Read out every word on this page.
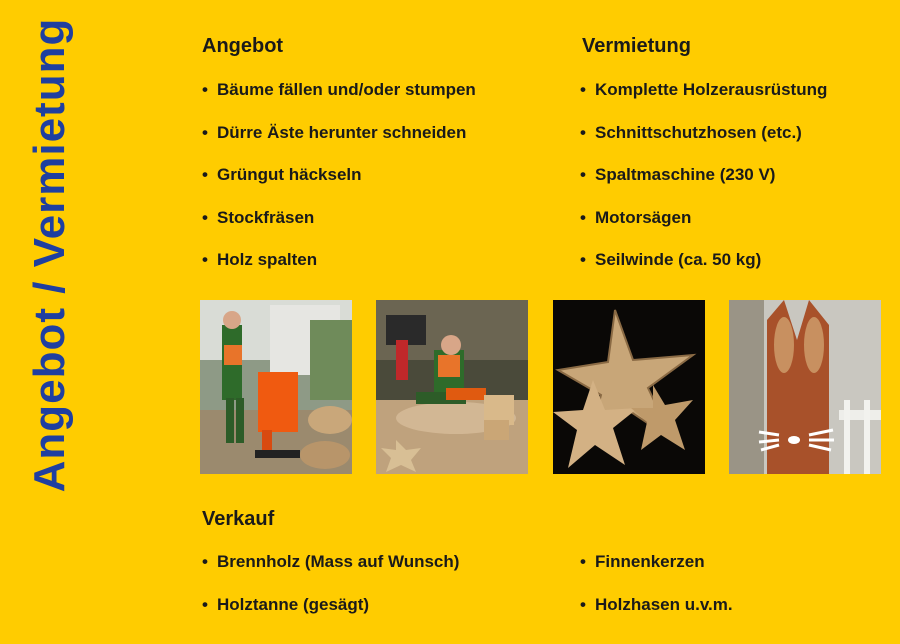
Angebot / Vermietung	Angebot
• Bäume fällen und/oder stumpen
• Dürre Äste herunter schneiden
• Grüngut häckseln
• Stockfräsen
• Holz spalten
Vermietung
• Komplette Holzerausrüstung
• Schnittschutzhosen (etc.)
• Spaltmaschine (230 V)
• Motorsägen
• Seilwinde (ca. 50 kg)
Verkauf
• Brennholz (Mass auf Wunsch)
• Holztanne (gesägt)
• Finnenkerzen
• Holzhasen u.v.m.
